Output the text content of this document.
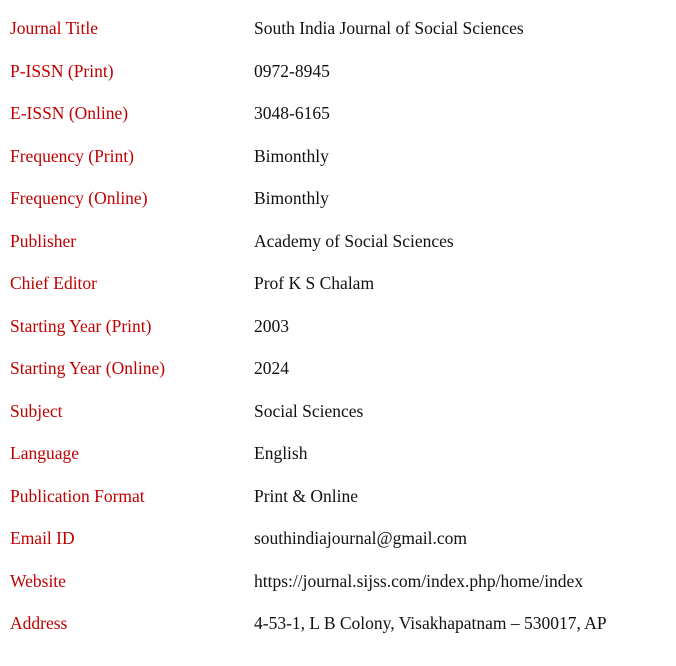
Journal Title	South India Journal of Social Sciences
P-ISSN (Print)	0972-8945
E-ISSN (Online)	3048-6165
Frequency (Print)	Bimonthly
Frequency (Online)	Bimonthly
Publisher	Academy of Social Sciences
Chief Editor	Prof K S Chalam
Starting Year (Print)	2003
Starting Year (Online)	2024
Subject	Social Sciences
Language	English
Publication Format	Print & Online
Email ID	southindiajournal@gmail.com
Website	https://journal.sijss.com/index.php/home/index
Address	4-53-1, L B Colony, Visakhapatnam – 530017, AP
